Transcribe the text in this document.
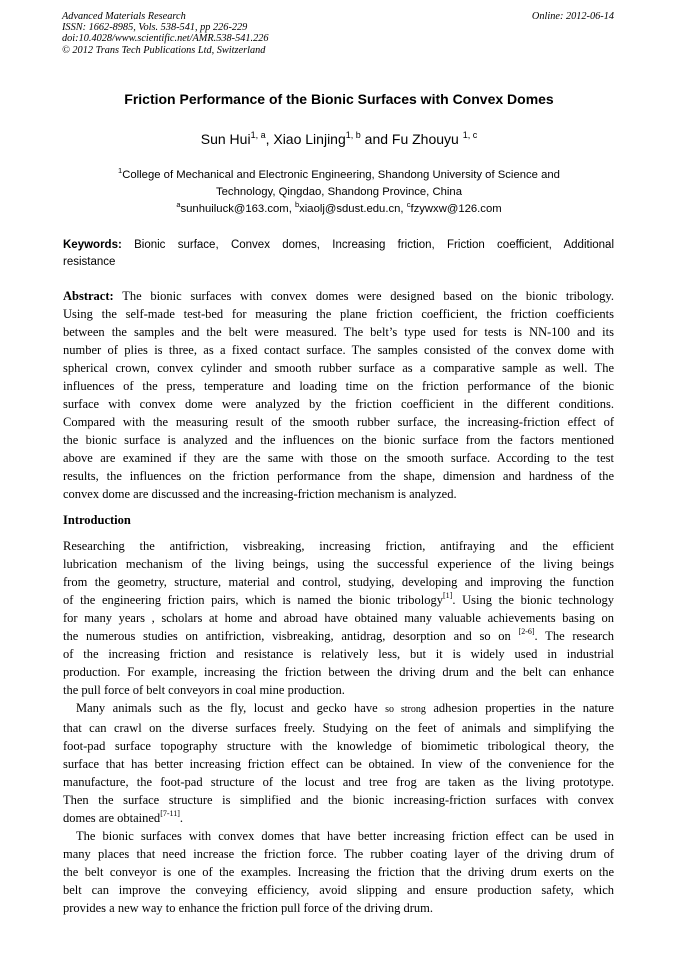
Advanced Materials Research
ISSN: 1662-8985, Vols. 538-541, pp 226-229
doi:10.4028/www.scientific.net/AMR.538-541.226
© 2012 Trans Tech Publications Ltd, Switzerland
Online: 2012-06-14
Friction Performance of the Bionic Surfaces with Convex Domes
Sun Hui$^{1, a}$, Xiao Linjing$^{1, b}$ and Fu Zhouyu $^{1, c}$
$^1$College of Mechanical and Electronic Engineering, Shandong University of Science and
Technology, Qingdao, Shandong Province, China
$^a$sunhuiluck@163.com, $^b$xiaolj@sdust.edu.cn, $^c$fzywxw@126.com
Keywords: Bionic surface, Convex domes, Increasing friction, Friction coefficient, Additional
resistance
Abstract: The bionic surfaces with convex domes were designed based on the bionic tribology.
Using the self-made test-bed for measuring the plane friction coefficient, the friction coefficients
between the samples and the belt were measured. The belt’s type used for tests is NN-100 and its
number of plies is three, as a fixed contact surface. The samples consisted of the convex dome with
spherical crown, convex cylinder and smooth rubber surface as a comparative sample as well. The
influences of the press, temperature and loading time on the friction performance of the bionic
surface with convex dome were analyzed by the friction coefficient in the different conditions.
Compared with the measuring result of the smooth rubber surface, the increasing-friction effect of
the bionic surface is analyzed and the influences on the bionic surface from the factors mentioned
above are examined if they are the same with those on the smooth surface. According to the test
results, the influences on the friction performance from the shape, dimension and hardness of the
convex dome are discussed and the increasing-friction mechanism is analyzed.
Introduction
Researching the antifriction, visbreaking, increasing friction, antifraying and the efficient
lubrication mechanism of the living beings, using the successful experience of the living beings
from the geometry, structure, material and control, studying, developing and improving the function
of the engineering friction pairs, which is named the bionic tribology[1]. Using the bionic technology
for many years , scholars at home and abroad have obtained many valuable achievements basing on
the numerous studies on antifriction, visbreaking, antidrag, desorption and so on [2-6]. The research
of the increasing friction and resistance is relatively less, but it is widely used in industrial
production. For example, increasing the friction between the driving drum and the belt can enhance
the pull force of belt conveyors in coal mine production.
Many animals such as the fly, locust and gecko have so strong adhesion properties in the nature
that can crawl on the diverse surfaces freely. Studying on the feet of animals and simplifying the
foot-pad surface topography structure with the knowledge of biomimetic tribological theory, the
surface that has better increasing friction effect can be obtained. In view of the convenience for the
manufacture, the foot-pad structure of the locust and tree frog are taken as the living prototype.
Then the surface structure is simplified and the bionic increasing-friction surfaces with convex
domes are obtained[7-11].
The bionic surfaces with convex domes that have better increasing friction effect can be used in
many places that need increase the friction force. The rubber coating layer of the driving drum of
the belt conveyor is one of the examples. Increasing the friction that the driving drum exerts on the
belt can improve the conveying efficiency, avoid slipping and ensure production safety, which
provides a new way to enhance the friction pull force of the driving drum.
